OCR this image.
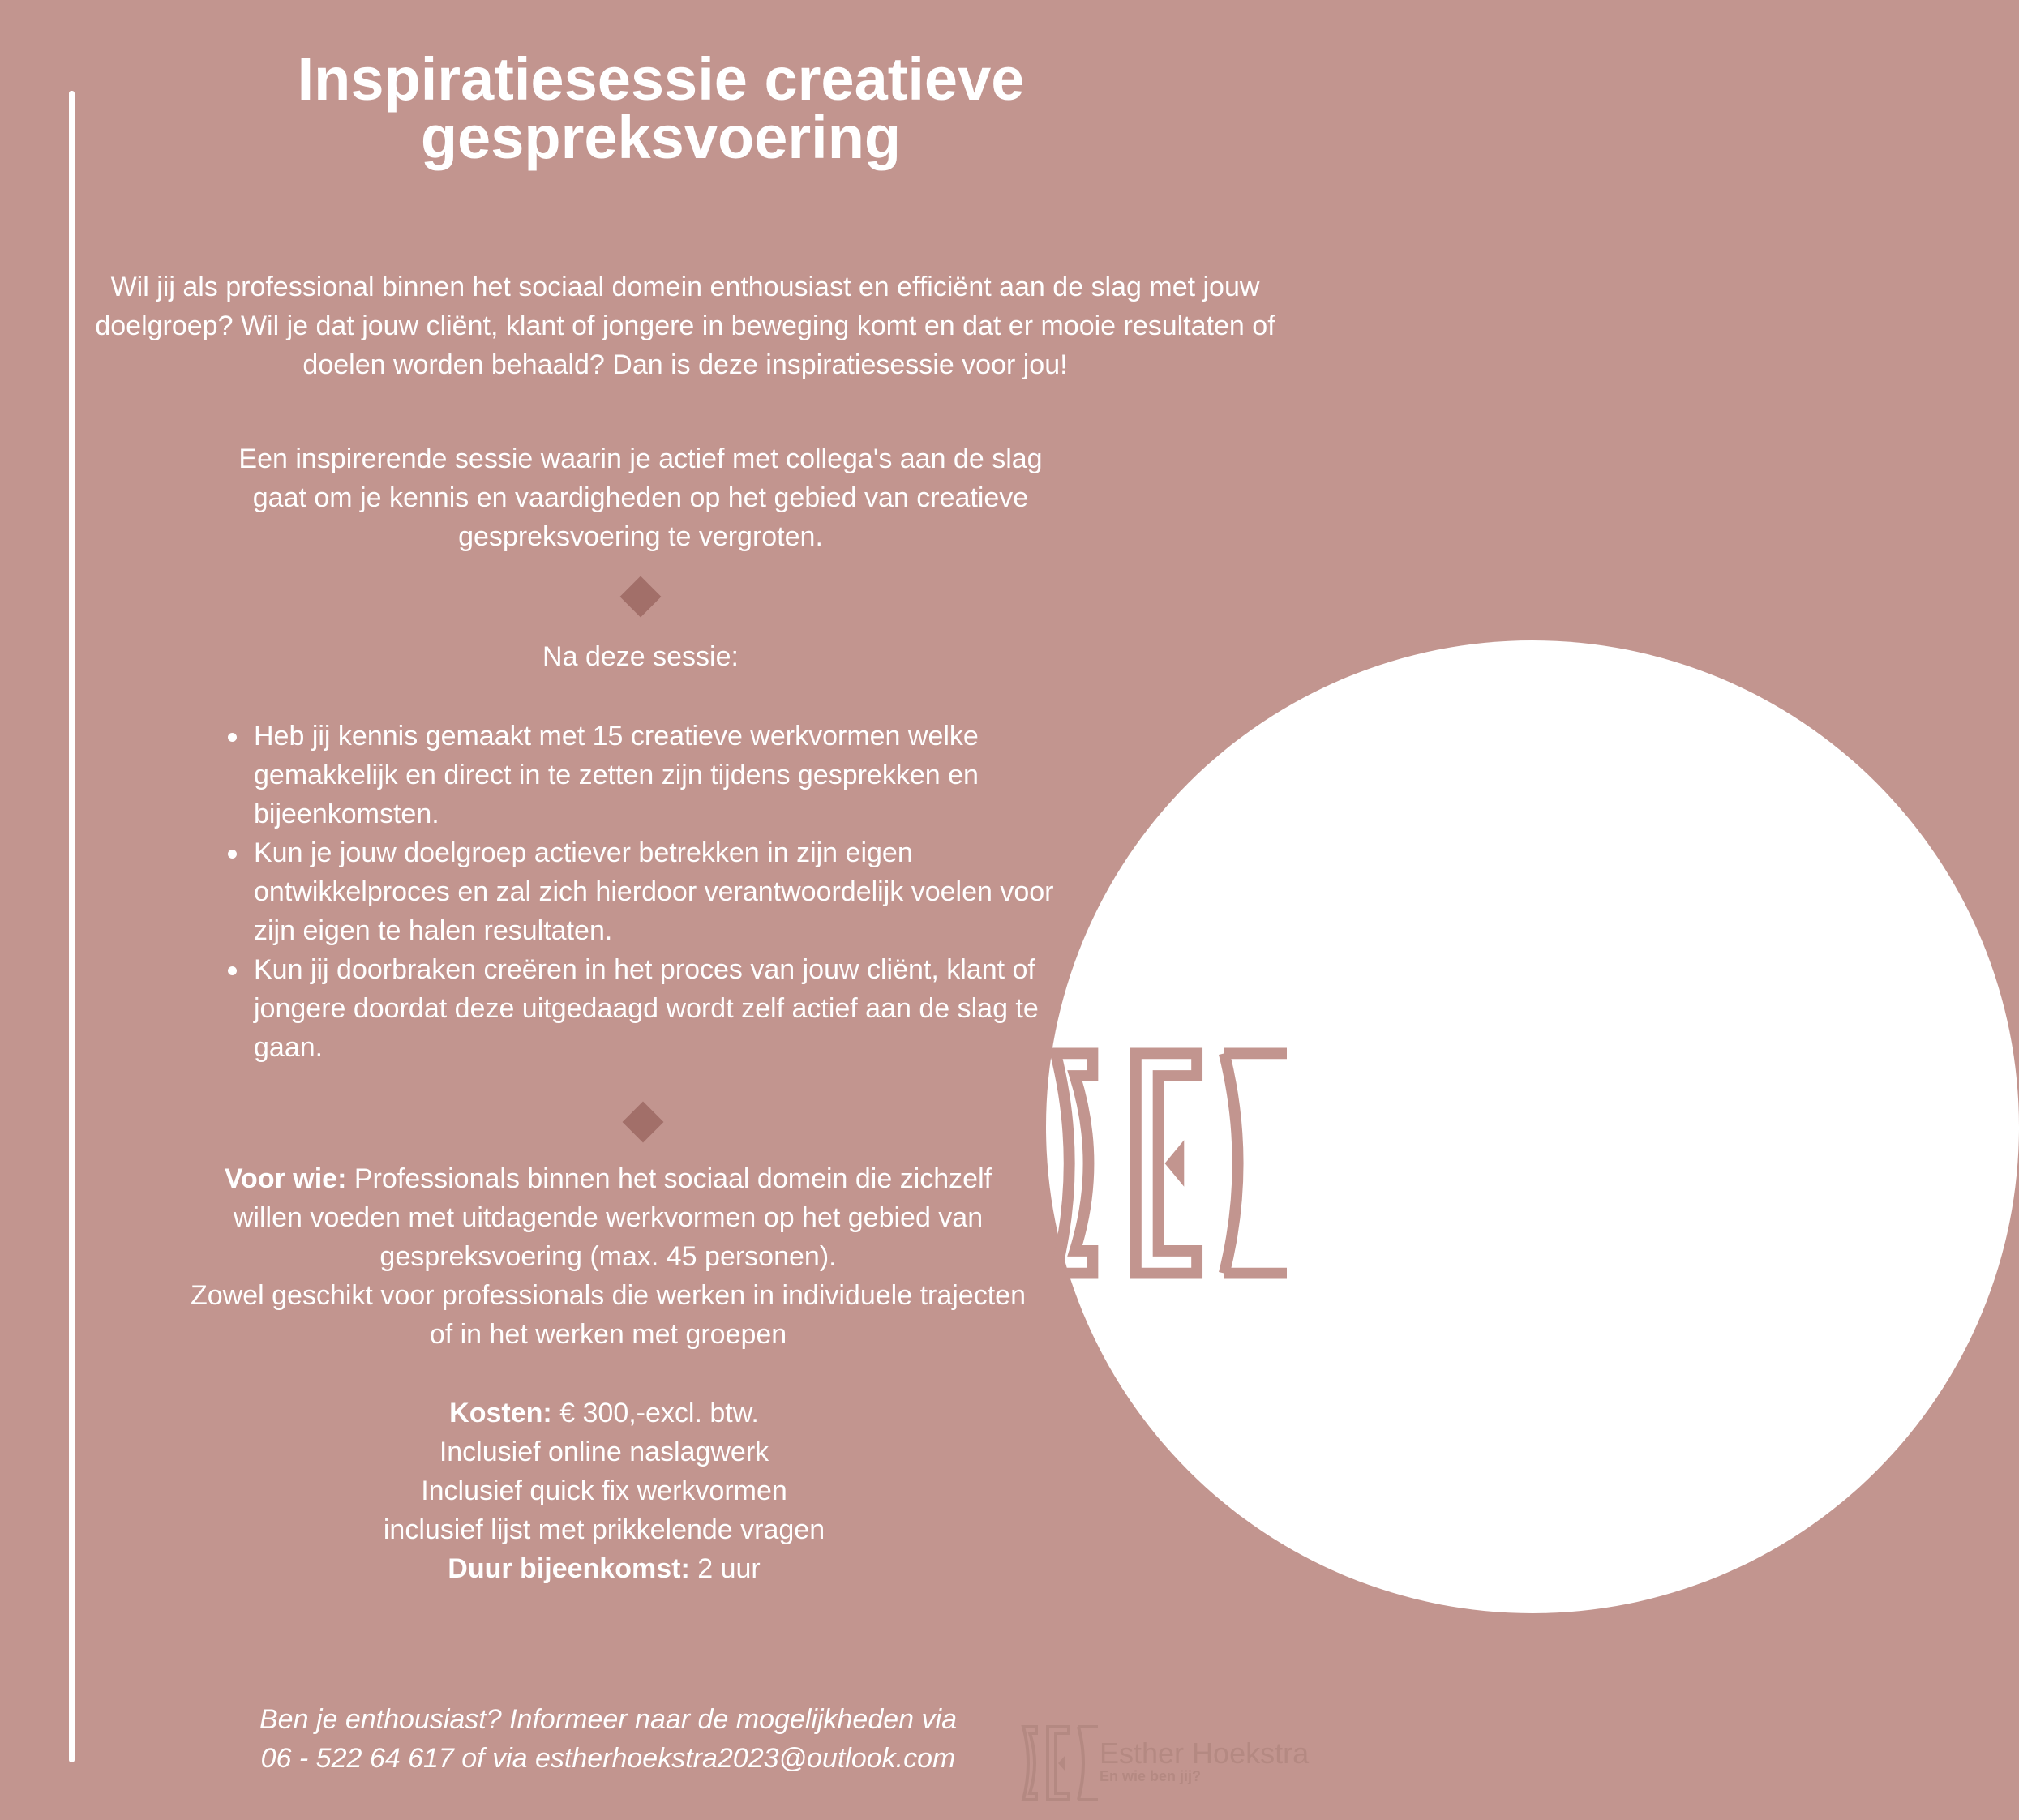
Inspiratiesessie creatieve gespreksvoering

Wil jij als professional binnen het sociaal domein enthousiast en efficiënt aan de slag met jouw doelgroep? Wil je dat jouw cliënt, klant of jongere in beweging komt en dat er mooie resultaten of doelen worden behaald? Dan is deze inspiratiesessie voor jou!

Een inspirerende sessie waarin je actief met collega's aan de slag gaat om je kennis en vaardigheden op het gebied van creatieve gespreksvoering te vergroten.

Na deze sessie:

Heb jij kennis gemaakt met 15 creatieve werkvormen welke gemakkelijk en direct in te zetten zijn tijdens gesprekken en bijeenkomsten.
Kun je jouw doelgroep actiever betrekken in zijn eigen ontwikkelproces en zal zich hierdoor verantwoordelijk voelen voor zijn eigen te halen resultaten.
Kun jij doorbraken creëren in het proces van jouw cliënt, klant of jongere doordat deze uitgedaagd wordt zelf actief aan de slag te gaan.
Voor wie: Professionals binnen het sociaal domein die zichzelf willen voeden met uitdagende werkvormen op het gebied van gespreksvoering (max. 45 personen).
Zowel geschikt voor professionals die werken in individuele trajecten of in het werken met groepen
Kosten: € 300,-excl. btw.
Inclusief online naslagwerk
Inclusief quick fix werkvormen
inclusief lijst met prikkelende vragen
Duur bijeenkomst: 2 uur
Ben je enthousiast? Informeer naar de mogelijkheden via
06 - 522 64 617 of via estherhoekstra2023@outlook.com	Esther Hoekstra
En wie ben jij?
